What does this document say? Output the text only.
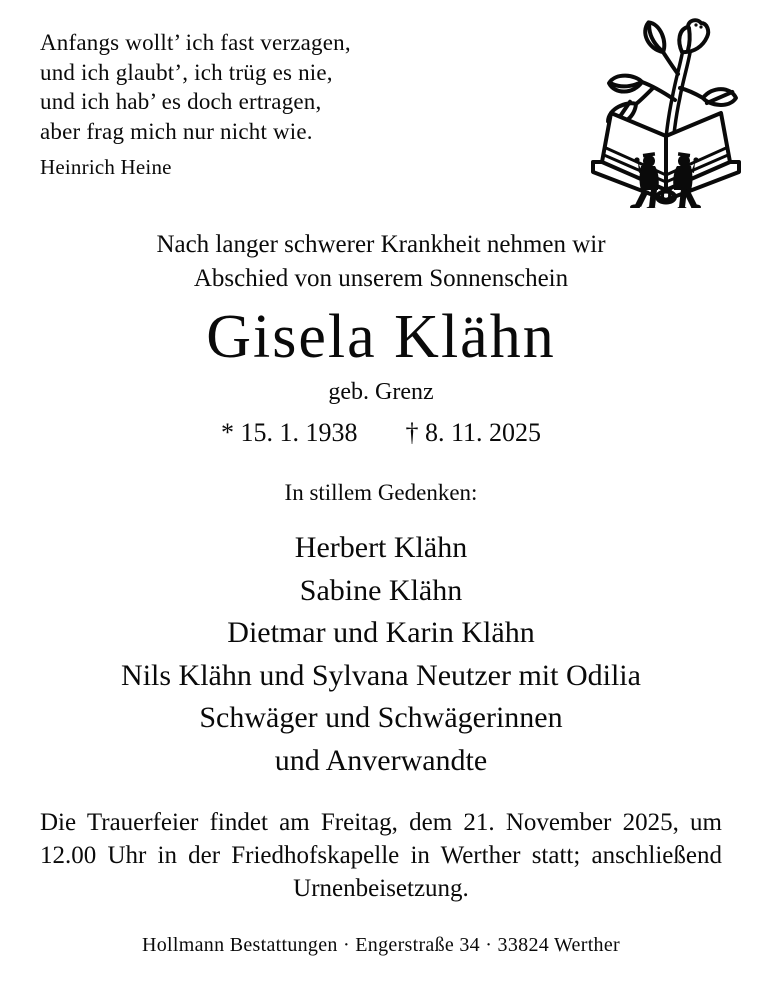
Anfangs wollt’ ich fast verzagen,
und ich glaubt’, ich trüg es nie,
und ich hab’ es doch ertragen,
aber frag mich nur nicht wie.
Heinrich Heine
Nach langer schwerer Krankheit nehmen wir
Abschied von unserem Sonnenschein
Gisela Klähn
geb. Grenz
* 15. 1. 1938 † 8. 11. 2025
In stillem Gedenken:
Herbert Klähn
Sabine Klähn
Dietmar und Karin Klähn
Nils Klähn und Sylvana Neutzer mit Odilia
Schwäger und Schwägerinnen
und Anverwandte
Die Trauerfeier findet am Freitag, dem 21. November 2025, um 12.00 Uhr in der Friedhofskapelle in Werther statt; anschließend Urnenbeisetzung.
Hollmann Bestattungen · Engerstraße 34 · 33824 Werther
